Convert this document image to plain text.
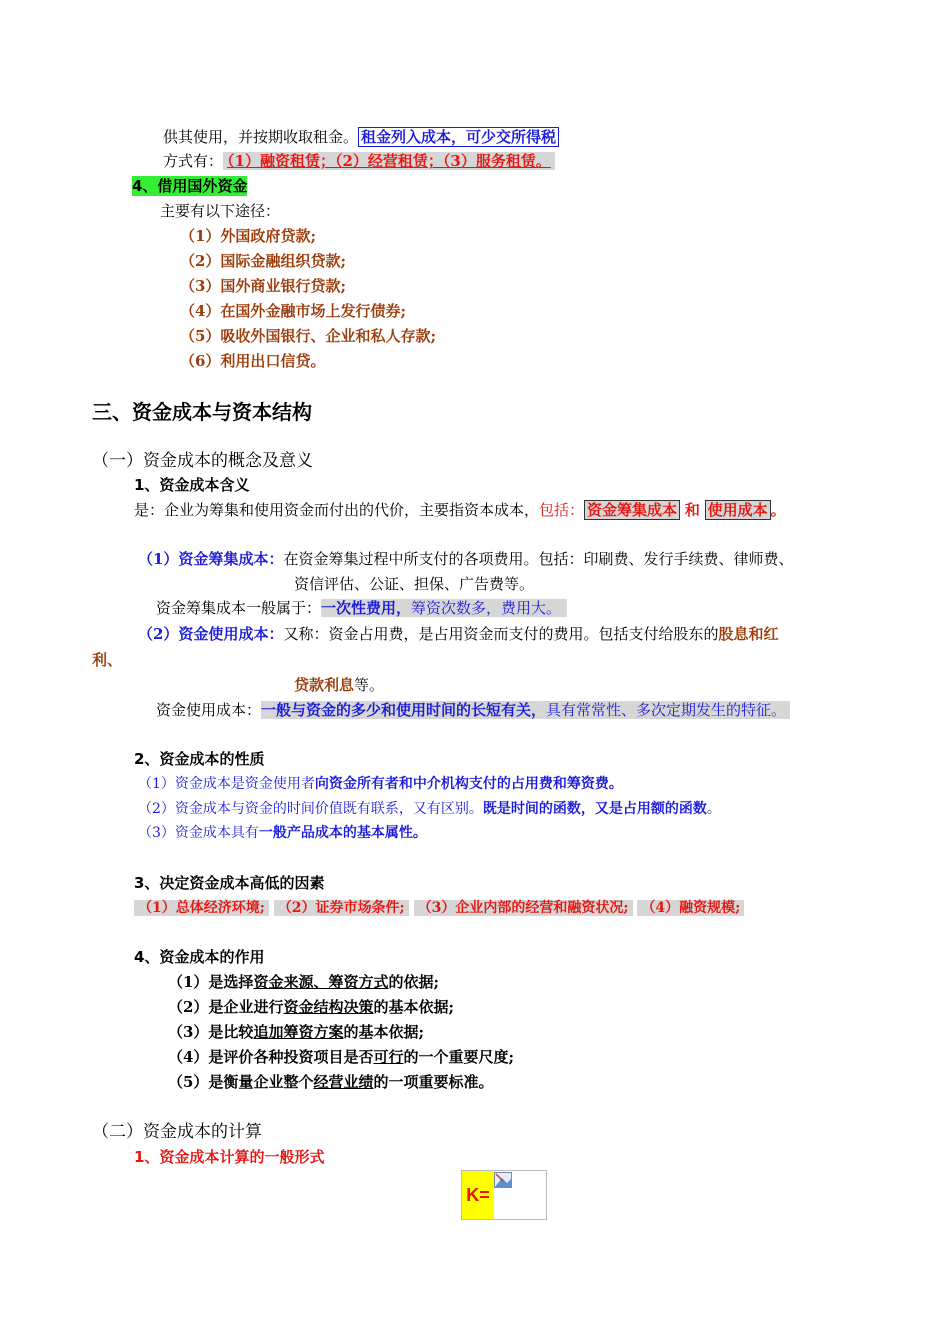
供其使用，并按期收取租金。 租金列入成本，可少交所得税
方式有： （1）融资租赁；（2）经营租赁；（3）服务租赁。
4、借用国外资金
主要有以下途径：
（1）外国政府贷款;
（2）国际金融组织贷款;
（3）国外商业银行贷款;
（4）在国外金融市场上发行债券;
（5）吸收外国银行、企业和私人存款;
（6）利用出口信贷。
三、资金成本与资本结构
（一）资金成本的概念及意义
1、资金成本含义
是：企业为筹集和使用资金而付出的代价，主要指资本成本，包括： 资金筹集成本 和 使用成本 。
（1）资金筹集成本：在资金筹集过程中所支付的各项费用。包括：印刷费、发行手续费、律师费、
资信评估、公证、担保、广告费等。
资金筹集成本一般属于：一次性费用，筹资次数多，费用大。
（2）资金使用成本：又称：资金占用费，是占用资金而支付的费用。包括支付给股东的股息和红
利、
贷款利息等。
资金使用成本：一般与资金的多少和使用时间的长短有关，具有常常性、多次定期发生的特征。
2、资金成本的性质
（1）资金成本是资金使用者向资金所有者和中介机构支付的占用费和筹资费。
（2）资金成本与资金的时间价值既有联系，又有区别。既是时间的函数，又是占用额的函数。
（3）资金成本具有一般产品成本的基本属性。
3、决定资金成本高低的因素
（1）总体经济环境; （2）证券市场条件; （3）企业内部的经营和融资状况; （4）融资规模;
4、资金成本的作用
（1）是选择资金来源、筹资方式的依据;
（2）是企业进行资金结构决策的基本依据;
（3）是比较追加筹资方案的基本依据;
（4）是评价各种投资项目是否可行的一个重要尺度;
（5）是衡量企业整个经营业绩的一项重要标准。
（二）资金成本的计算
1、资金成本计算的一般形式
K=
